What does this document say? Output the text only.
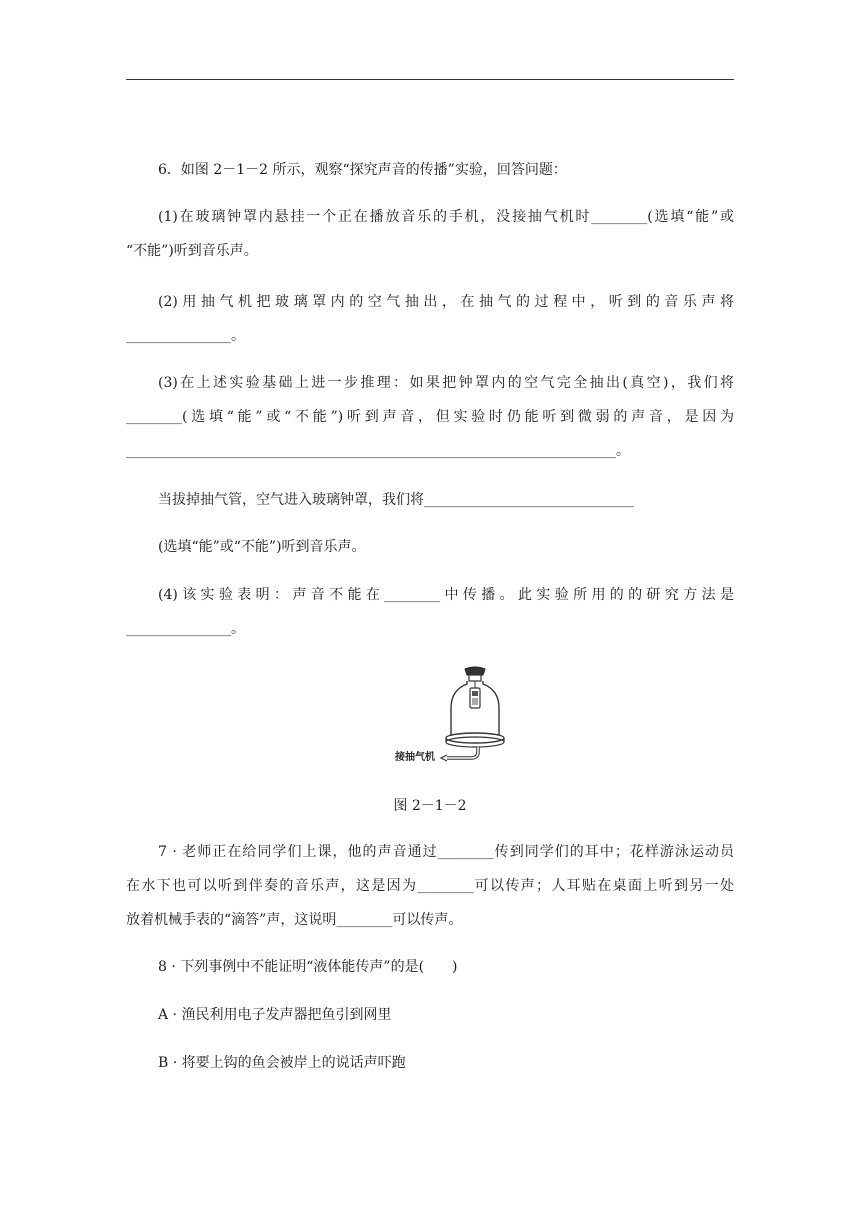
6．如图 2－1－2 所示，观察“探究声音的传播”实验，回答问题：
(1)在玻璃钟罩内悬挂一个正在播放音乐的手机，没接抽气机时________(选填“能”或
“不能”)听到音乐声。
(2)用抽气机把玻璃罩内的空气抽出，在抽气的过程中，听到的音乐声将
_______________。
(3)在上述实验基础上进一步推理：如果把钟罩内的空气完全抽出(真空)，我们将
________(选填“能”或“不能”)听到声音，但实验时仍能听到微弱的声音，是因为
______________________________________________________________________。
当拔掉抽气管，空气进入玻璃钟罩，我们将______________________________
(选填“能”或“不能”)听到音乐声。
(4)该实验表明：声音不能在________中传播。此实验所用的的研究方法是
_______________。
接抽气机
图 2－1－2
7 · 老师正在给同学们上课，他的声音通过________传到同学们的耳中；花样游泳运动员
在水下也可以听到伴奏的音乐声，这是因为________可以传声；人耳贴在桌面上听到另一处
放着机械手表的“滴答”声，这说明________可以传声。
8 · 下列事例中不能证明“液体能传声”的是(　　)
A · 渔民利用电子发声器把鱼引到网里
B · 将要上钩的鱼会被岸上的说话声吓跑
